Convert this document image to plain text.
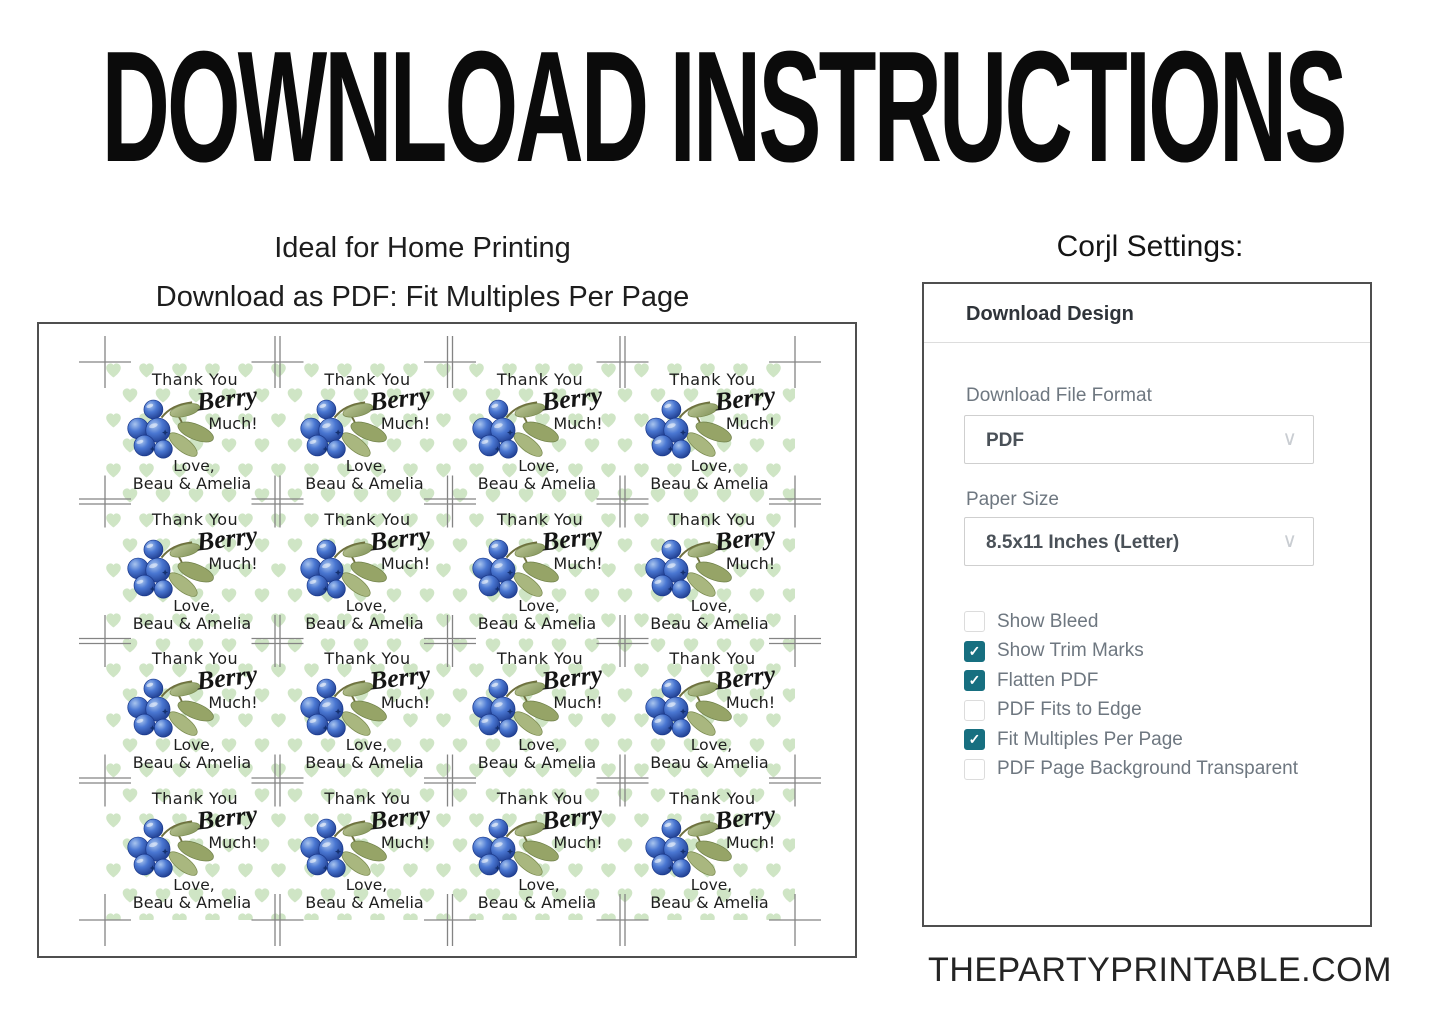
DOWNLOAD INSTRUCTIONS
Ideal for Home Printing
Download as PDF: Fit Multiples Per Page
Thank You
Berry
Much!
Love,
Beau & Amelia
Thank You
Berry
Much!
Love,
Beau & Amelia
Thank You
Berry
Much!
Love,
Beau & Amelia
Thank You
Berry
Much!
Love,
Beau & Amelia
Thank You
Berry
Much!
Love,
Beau & Amelia
Thank You
Berry
Much!
Love,
Beau & Amelia
Thank You
Berry
Much!
Love,
Beau & Amelia
Thank You
Berry
Much!
Love,
Beau & Amelia
Thank You
Berry
Much!
Love,
Beau & Amelia
Thank You
Berry
Much!
Love,
Beau & Amelia
Thank You
Berry
Much!
Love,
Beau & Amelia
Thank You
Berry
Much!
Love,
Beau & Amelia
Thank You
Berry
Much!
Love,
Beau & Amelia
Thank You
Berry
Much!
Love,
Beau & Amelia
Thank You
Berry
Much!
Love,
Beau & Amelia
Thank You
Berry
Much!
Love,
Beau & Amelia
Corjl Settings:
Download Design
Download File Format
PDF	∨
Paper Size
8.5x11 Inches (Letter)	∨
Show Bleed
✓ Show Trim Marks
✓ Flatten PDF
PDF Fits to Edge
✓ Fit Multiples Per Page
PDF Page Background Transparent
THEPARTYPRINTABLE.COM
